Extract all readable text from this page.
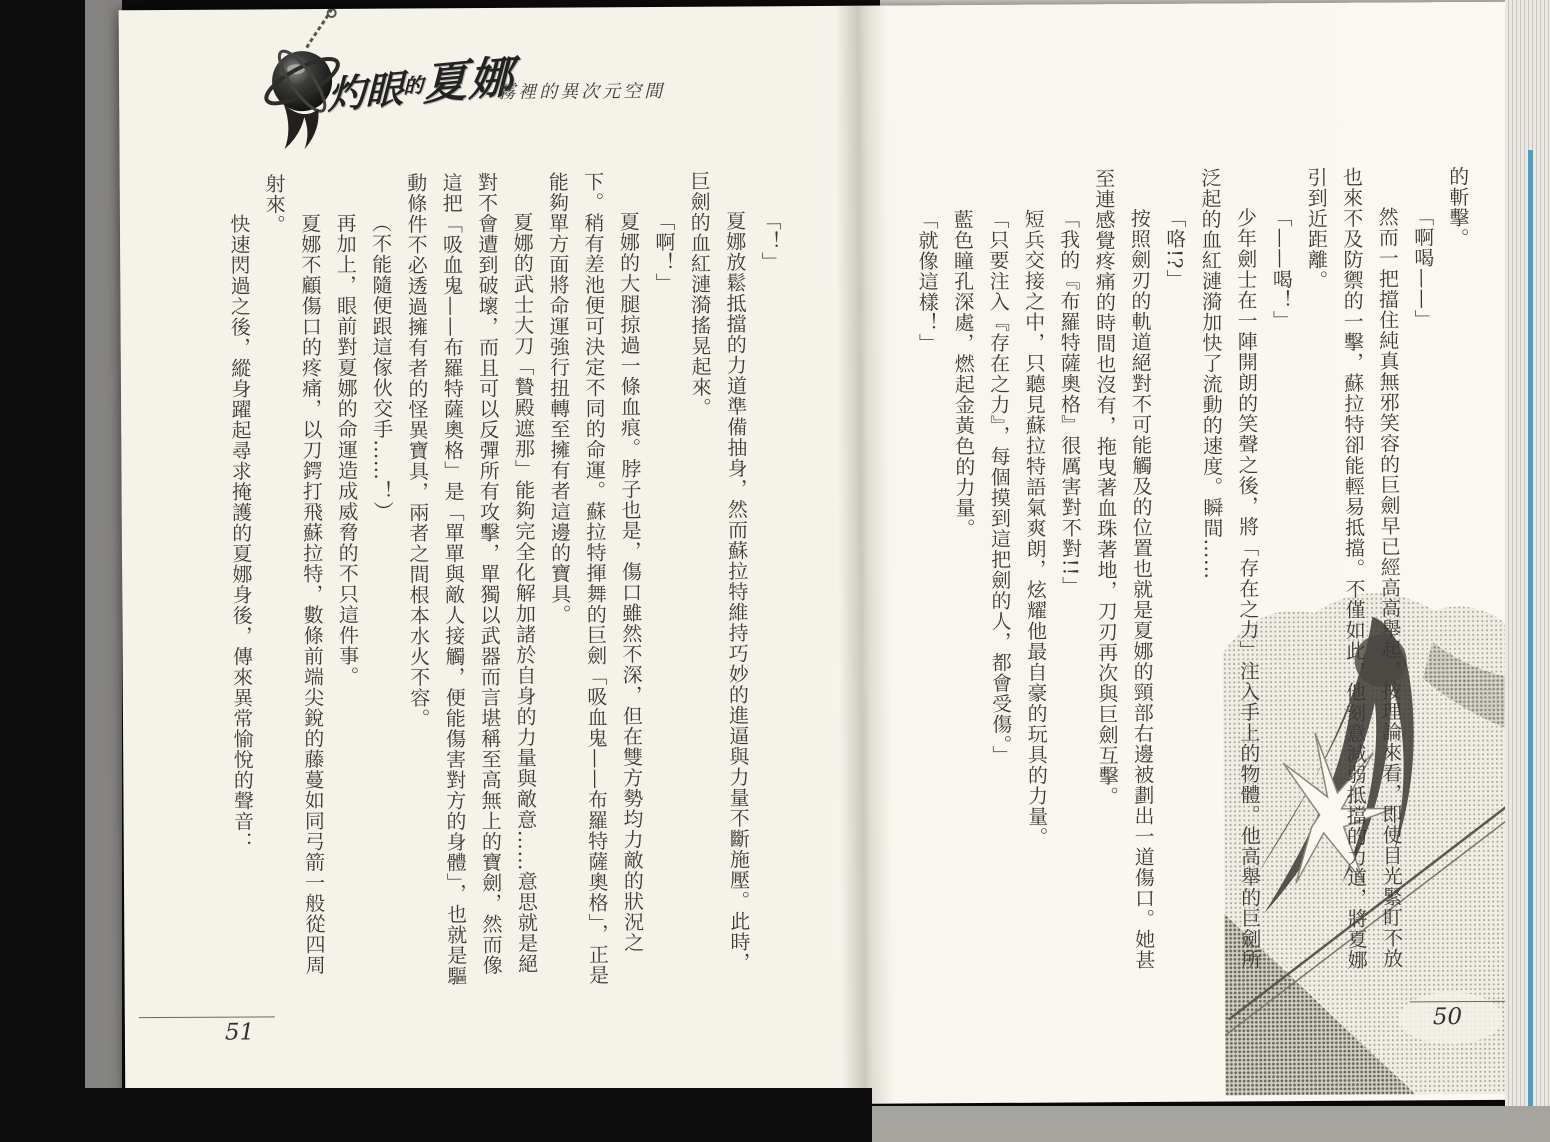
灼眼的夏娜
霧裡的異次元空間
的斬擊。
「啊喝——」
然而一把擋住純真無邪笑容的巨劍早已經高高舉起，按理論來看，即使目光緊盯不放
也來不及防禦的一擊，蘇拉特卻能輕易抵擋。不僅如此，他刻意減弱抵擋的力道，將夏娜
引到近距離。
「——喝！」
少年劍士在一陣開朗的笑聲之後，將「存在之力」注入手上的物體。他高舉的巨劍所
泛起的血紅漣漪加快了流動的速度。瞬間……
「咯!?」
按照劍刃的軌道絕對不可能觸及的位置也就是夏娜的頸部右邊被劃出一道傷口。她甚
至連感覺疼痛的時間也沒有，拖曳著血珠著地，刀刃再次與巨劍互擊。
「我的『布羅特薩奧格』很厲害對不對!!」
短兵交接之中，只聽見蘇拉特語氣爽朗，炫耀他最自豪的玩具的力量。
「只要注入『存在之力』，每個摸到這把劍的人，都會受傷。」
藍色瞳孔深處，燃起金黃色的力量。
「就像這樣！」
「！」
夏娜放鬆抵擋的力道準備抽身，然而蘇拉特維持巧妙的進逼與力量不斷施壓。此時，
巨劍的血紅漣漪搖晃起來。
「啊！」
夏娜的大腿掠過一條血痕。脖子也是，傷口雖然不深，但在雙方勢均力敵的狀況之
下。稍有差池便可決定不同的命運。蘇拉特揮舞的巨劍「吸血鬼——布羅特薩奧格」，正是
能夠單方面將命運強行扭轉至擁有者這邊的寶具。
夏娜的武士大刀「贄殿遮那」能夠完全化解加諸於自身的力量與敵意……意思就是絕
對不會遭到破壞，而且可以反彈所有攻擊，單獨以武器而言堪稱至高無上的寶劍，然而像
這把「吸血鬼——布羅特薩奧格」是「單單與敵人接觸，便能傷害對方的身體」，也就是驅
動條件不必透過擁有者的怪異寶具，兩者之間根本水火不容。
（不能隨便跟這傢伙交手……！）
再加上，眼前對夏娜的命運造成威脅的不只這件事。
夏娜不顧傷口的疼痛，以刀鍔打飛蘇拉特，數條前端尖銳的藤蔓如同弓箭一般從四周
射來。
快速閃過之後，縱身躍起尋求掩護的夏娜身後，傳來異常愉悅的聲音：
51
50
